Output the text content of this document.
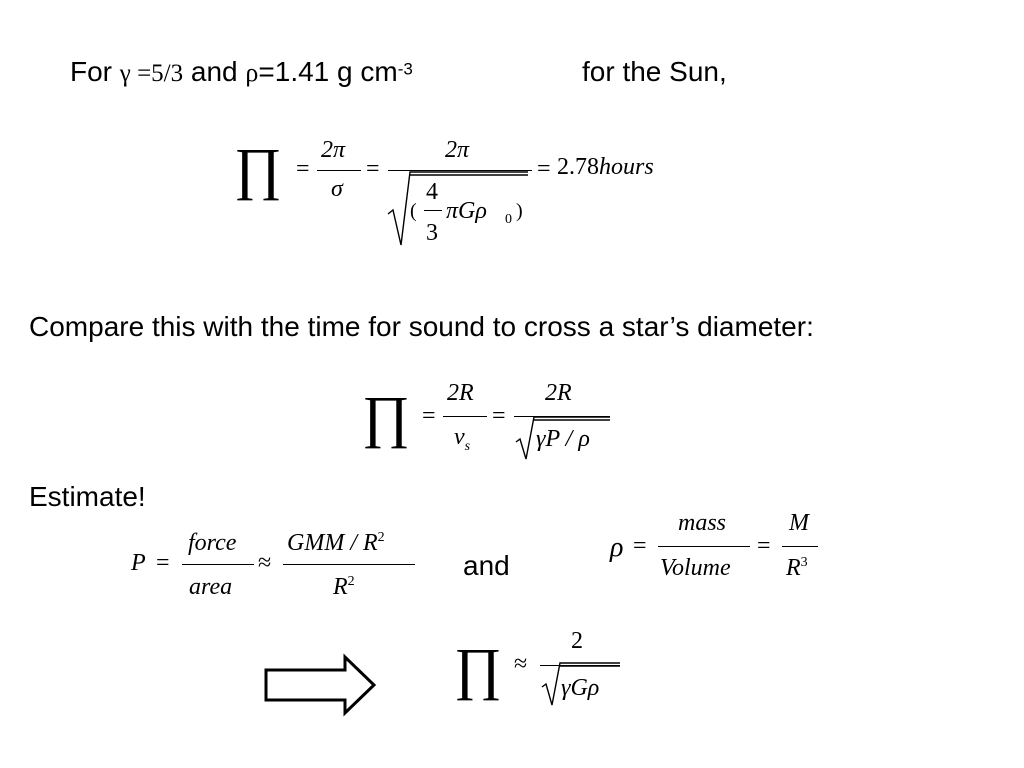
For γ =5/3 and ρ=1.41 g $cm^{-3}$	for the Sun,
∏ =
2π
σ
=
2π
(
4
3
πGρ 0 )
= 2.78hours
Compare this with the time for sound to cross a star’s diameter:
∏ =
2R
$v_s$
=
2R
γP / ρ
Estimate!
P =
force
area
≈
GMM / $R^2$
$R^2$
and
ρ =
mass
Volume
=
M
$R^3$
∏ ≈
2
γGρ
